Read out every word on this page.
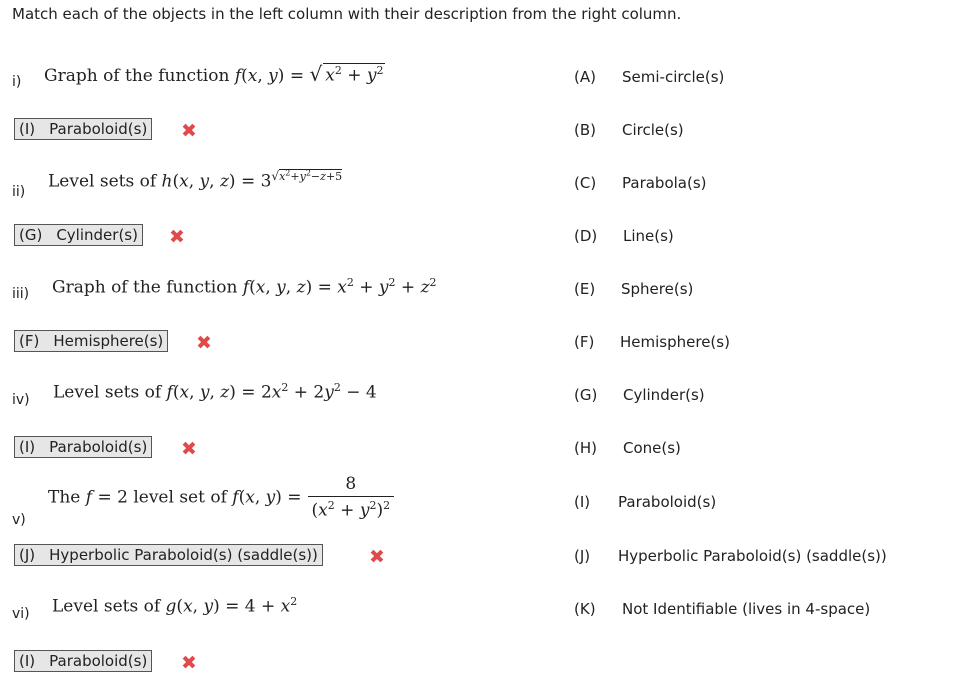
Match each of the objects in the left column with their description from the right column.
i) Graph of the function f(x, y) = √ $x^2 + y^2$
(I) Paraboloid(s) ✖
ii)
Level sets of h(x, y, $z) = 3^{√x^2+y^2-z+5}$
(G) Cylinder(s) ✖
iii) Graph of the function f(x, y, $z) = x^2 + y^2 + z^2$
(F) Hemisphere(s) ✖
iv) Level sets of f(x, y, $z) = 2x^2 + 2y^2 - 4$
(I) Paraboloid(s) ✖
v)
The f = 2 level set of f(x, $y) = \frac{8}{(x^2 + y^2)^2}$
(J) Hyperbolic Paraboloid(s) (saddle(s))	✖
vi) Level sets of g(x, $y) = 4 + x^2$
(I) Paraboloid(s) ✖
(A) Semi-circle(s)
(B) Circle(s)
(C) Parabola(s)
(D) Line(s)
(E) Sphere(s)
(F) Hemisphere(s)
(G) Cylinder(s)
(H) Cone(s)
(I) Paraboloid(s)
(J) Hyperbolic Paraboloid(s) (saddle(s))
(K) Not Identifiable (lives in 4-space)
